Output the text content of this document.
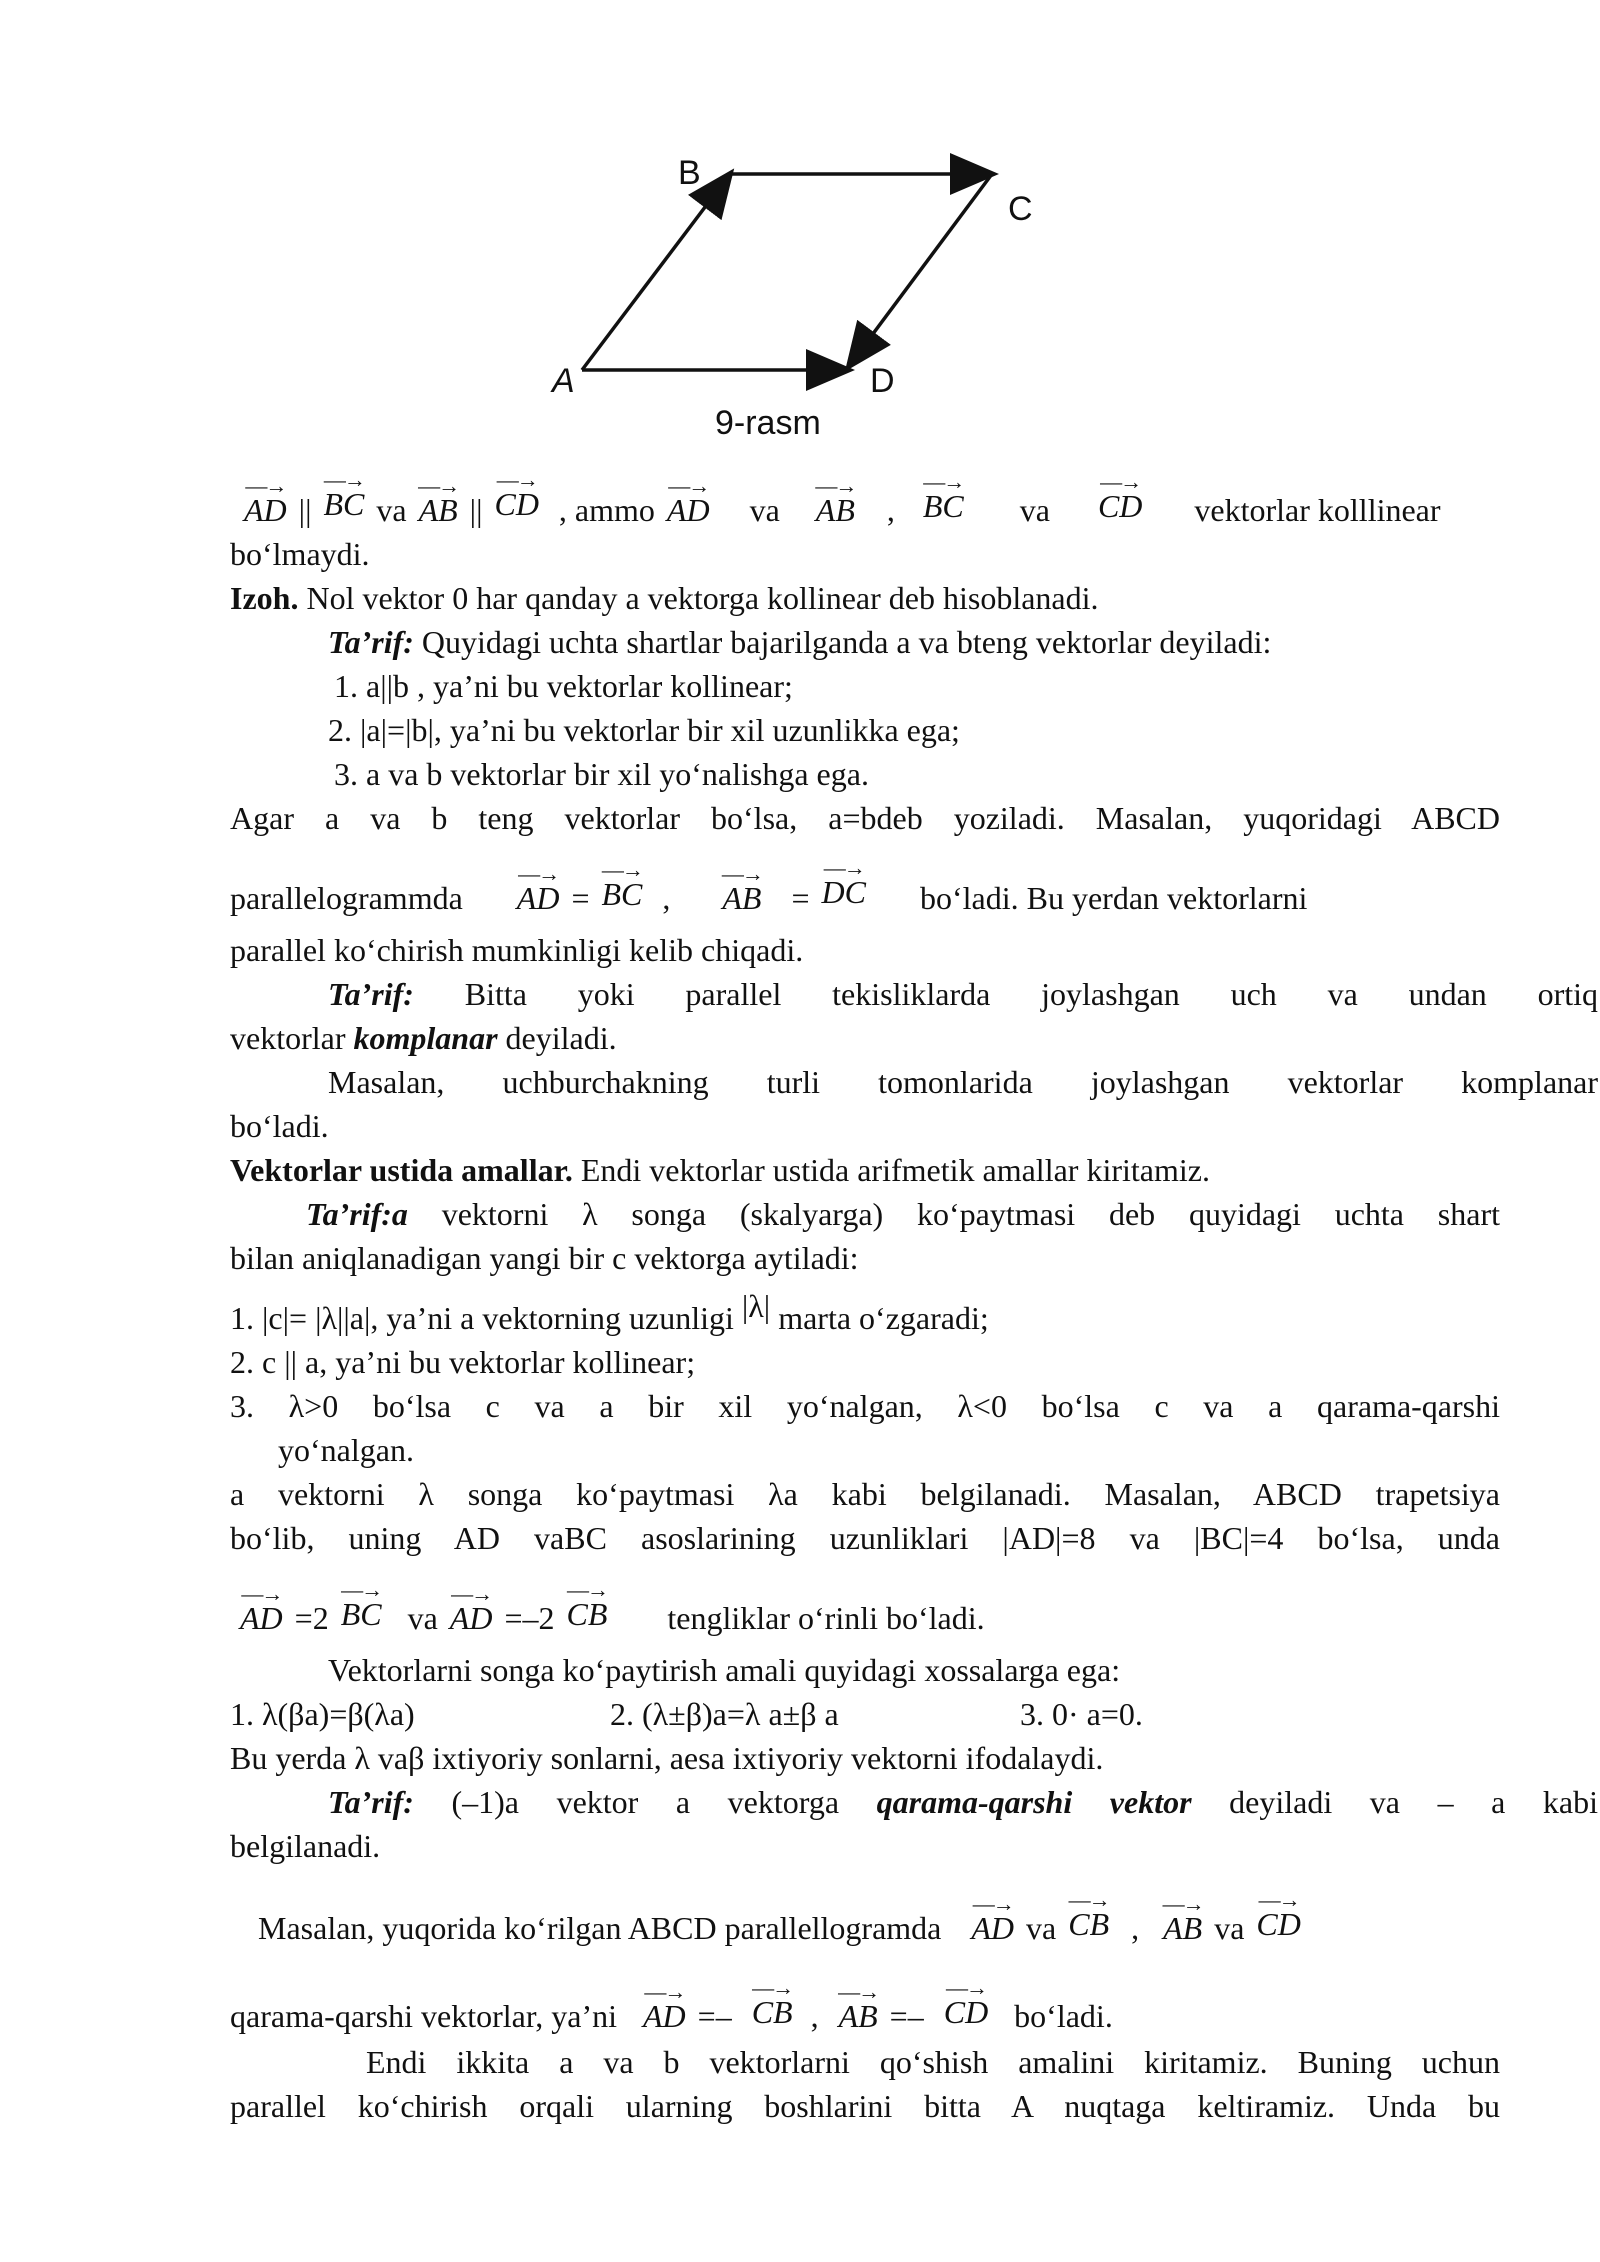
B
C
A	D
9-rasm
—→
AD ||
—→
BC va
—→
AB ||
—→
CD , ammo
—→
AD va
—→
AB ,
—→
BC va
—→
CD vektorlar kolllinear
bo‘lmaydi.
Izoh. Nol vektor 0 har qanday a vektorga kollinear deb hisoblanadi.
Ta’rif: Quyidagi uchta shartlar bajarilganda a va bteng vektorlar deyiladi:
1. a||b , ya’ni bu vektorlar kollinear;
2. |a|=|b|, ya’ni bu vektorlar bir xil uzunlikka ega;
3. a va b vektorlar bir xil yo‘nalishga ega.
Agar a va b teng vektorlar bo‘lsa, a=bdeb yoziladi. Masalan, yuqoridagi ABCD
parallelogrammda
—→
AD =
—→
BC ,
—→
AB =
—→
DC bo‘ladi. Bu yerdan vektorlarni
parallel ko‘chirish mumkinligi kelib chiqadi.
Ta’rif: Bitta yoki parallel tekisliklarda joylashgan uch va undan ortiq
vektorlar komplanar deyiladi.
Masalan, uchburchakning turli tomonlarida joylashgan vektorlar komplanar
bo‘ladi.
Vektorlar ustida amallar. Endi vektorlar ustida arifmetik amallar kiritamiz.
Ta’rif:a vektorni λ songa (skalyarga) ko‘paytmasi deb quyidagi uchta shart
bilan aniqlanadigan yangi bir c vektorga aytiladi:
1. |c|= |λ||a|, ya’ni a vektorning uzunligi |λ| marta o‘zgaradi;
2. c || a, ya’ni bu vektorlar kollinear;
3. λ>0 bo‘lsa c va a bir xil yo‘nalgan, λ<0 bo‘lsa c va a qarama-qarshi
yo‘nalgan.
a vektorni λ songa ko‘paytmasi λa kabi belgilanadi. Masalan, ABCD trapetsiya
bo‘lib, uning AD vaBC asoslarining uzunliklari |AD|=8 va |BC|=4 bo‘lsa, unda
—→
AD =2
—→
BC va
—→
AD =–2
—→
CB tengliklar o‘rinli bo‘ladi.
Vektorlarni songa ko‘paytirish amali quyidagi xossalarga ega:
1. λ(βa)=β(λa)	2. (λ±β)a=λ a±β a	3. 0· a=0.
Bu yerda λ vaβ ixtiyoriy sonlarni, aesa ixtiyoriy vektorni ifodalaydi.
Ta’rif: (–1)a vektor a vektorga qarama-qarshi vektor deyiladi va – a kabi
belgilanadi.
Masalan, yuqorida ko‘rilgan ABCD parallellogramda
—→
AD va
—→
CB ,
—→
AB va
—→
CD
qarama-qarshi vektorlar, ya’ni
—→
AD =–
—→
CB ,
—→
AB =–
—→
CD bo‘ladi.
Endi ikkita a va b vektorlarni qo‘shish amalini kiritamiz. Buning uchun
parallel ko‘chirish orqali ularning boshlarini bitta A nuqtaga keltiramiz. Unda bu
